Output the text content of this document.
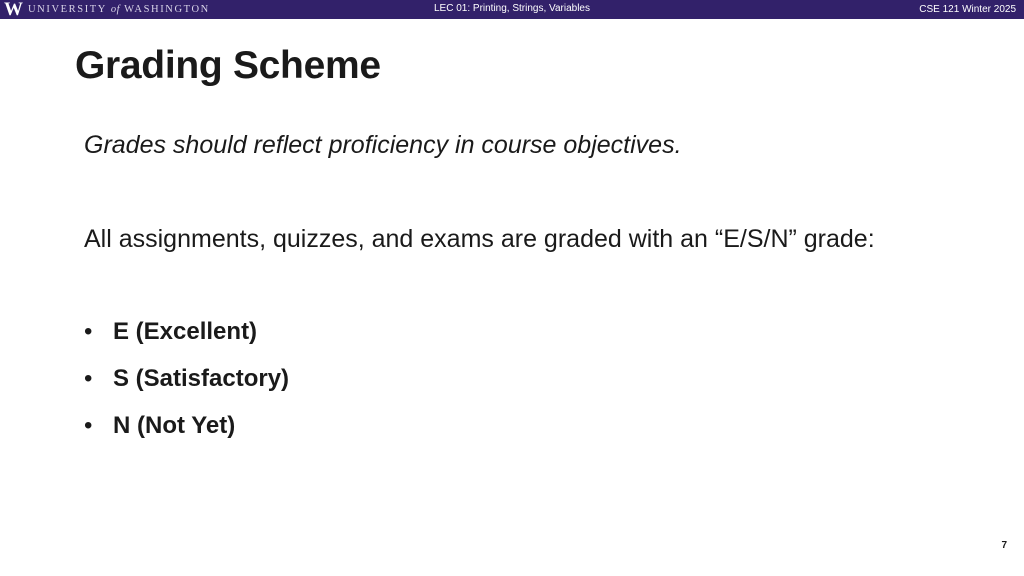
W UNIVERSITY of WASHINGTON	LEC 01: Printing, Strings, Variables	CSE 121 Winter 2025
Grading Scheme

Grades should reflect proficiency in course objectives.

All assignments, quizzes, and exams are graded with an “E/S/N” grade:

• E (Excellent)
• S (Satisfactory)
• N (Not Yet)
7
